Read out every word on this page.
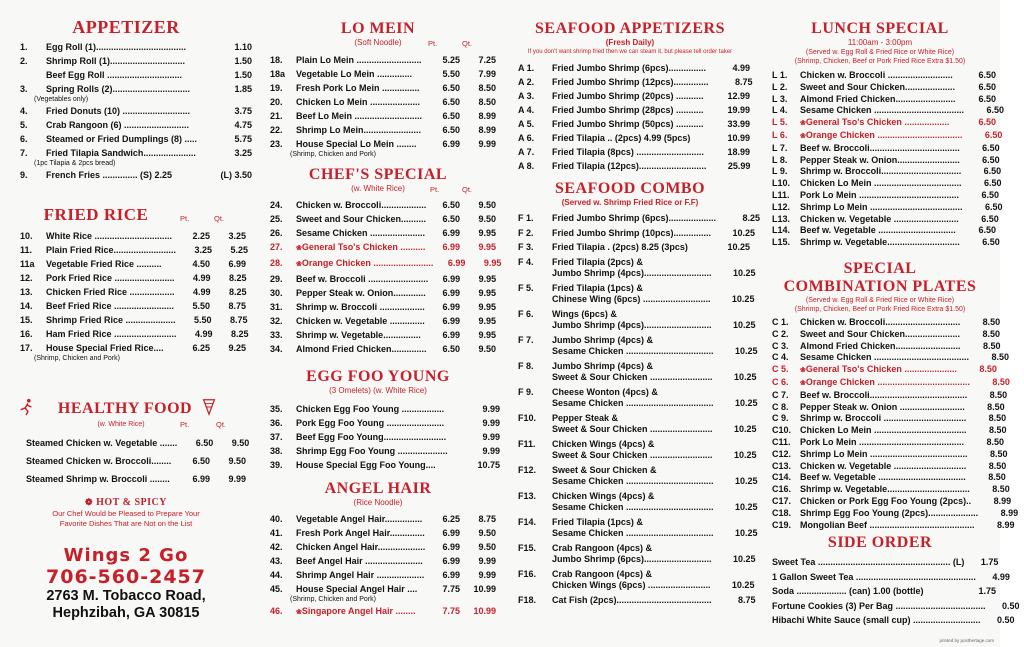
APPETIZER
1.	Egg Roll (1)....................................	1.10
2.	Shrimp Roll (1)..............................	1.50
Beef Egg Roll ..............................	1.50
3.	Spring Rolls (2)...............................	1.85
(Vegetables only)
4.	Fried Donuts (10) ...........................	3.75
5.	Crab Rangoon (6) ..........................	4.75
6.	Steamed or Fried Dumplings (8) .....	5.75
7.	Fried Tilapia Sandwich.....................	3.25
(1pc Tilapia & 2pcs bread)
9.	French Fries .............. (S) 2.25	(L) 3.50
FRIED RICE	Pt.	Qt.
10.	White Rice ...............................	2.25	3.25
11.	Plain Fried Rice.........................	3.25	5.25
11a	Vegetable Fried Rice ..........	4.50	6.99
12.	Pork Fried Rice ........................	4.99	8.25
13.	Chicken Fried Rice ..................	4.99	8.25
14.	Beef Fried Rice ........................	5.50	8.75
15.	Shrimp Fried Rice ....................	5.50	8.75
16.	Ham Fried Rice .........................	4.99	8.25
17.	House Special Fried Rice....	6.25	9.25
(Shrimp, Chicken and Pork)
HEALTHY FOOD
(w. White Rice)	Pt.	Qt.
Steamed Chicken w. Vegetable .......	6.50	9.50
Steamed Chicken w. Broccoli........	6.50	9.50
Steamed Shrimp w. Broccoli ........	6.99	9.99
❁ HOT & SPICY
Our Chef Would be Pleased to Prepare Your
Favorite Dishes That are Not on the List
Wings 2 Go
706-560-2457
2763 M. Tobacco Road,
Hephzibah, GA 30815
LO MEIN
(Soft Noodle)	Pt.	Qt.
18.	Plain Lo Mein ..........................	5.25	7.25
18a	Vegetable Lo Mein ..............	5.50	7.99
19.	Fresh Pork Lo Mein ...............	6.50	8.50
20.	Chicken Lo Mein ....................	6.50	8.50
21.	Beef Lo Mein ...........................	6.50	8.99
22.	Shrimp Lo Mein.......................	6.50	8.99
23.	House Special Lo Mein ........	6.99	9.99
(Shrimp, Chicken and Pork)
CHEF'S SPECIAL
(w. White Rice)	Pt.	Qt.
24.	Chicken w. Broccoli..................	6.50	9.50
25.	Sweet and Sour Chicken..........	6.50	9.50
26.	Sesame Chicken ......................	6.99	9.95
27.	❀ General Tso's Chicken ..........	6.99	9.95
28.	❀ Orange Chicken ........................	6.99	9.95
29.	Beef w. Broccoli ........................	6.99	9.95
30.	Pepper Steak w. Onion.............	6.99	9.95
31.	Shrimp w. Broccoli ..................	6.99	9.95
32.	Chicken w. Vegetable ..............	6.99	9.95
33.	Shrimp w. Vegetable...............	6.99	9.95
34.	Almond Fried Chicken..............	6.50	9.50
EGG FOO YOUNG
(3 Omelets) (w. White Rice)
35.	Chicken Egg Foo Young .................	9.99
36.	Pork Egg Foo Young .......................	9.99
37.	Beef Egg Foo Young.........................	9.99
38.	Shrimp Egg Foo Young ....................	9.99
39.	House Special Egg Foo Young....	10.75
ANGEL HAIR
(Rice Noodle)
40.	Vegetable Angel Hair...............	6.25	8.75
41.	Fresh Pork Angel Hair..............	6.99	9.50
42.	Chicken Angel Hair...................	6.99	9.50
43.	Beef Angel Hair .......................	6.99	9.99
44.	Shrimp Angel Hair ...................	6.99	9.99
45.	House Special Angel Hair ....	7.75	10.99
(Shrimp, Chicken and Pork)
46.	❀ Singapore Angel Hair ........	7.75	10.99
SEAFOOD APPETIZERS
(Fresh Daily)
If you don't want shrimp fried then we can steam it, but please tell order taker
A 1.	Fried Jumbo Shrimp (6pcs)...............	4.99
A 2.	Fried Jumbo Shrimp (12pcs)..............	8.75
A 3.	Fried Jumbo Shrimp (20pcs) ...........	12.99
A 4.	Fried Jumbo Shrimp (28pcs) ...........	19.99
A 5.	Fried Jumbo Shrimp (50pcs) ...........	33.99
A 6.	Fried Tilapia .. (2pcs) 4.99 (5pcs)	10.99
A 7.	Fried Tilapia (8pcs) ...........................	18.99
A 8.	Fried Tilapia (12pcs)...........................	25.99
SEAFOOD COMBO
(Served w. Shrimp Fried Rice or F.F)
F 1.	Fried Jumbo Shrimp (6pcs)...................	8.25
F 2.	Fried Jumbo Shrimp (10pcs)...............	10.25
F 3.	Fried Tilapia . (2pcs) 8.25 (3pcs)	10.25
F 4.	Fried Tilapia (2pcs) &
Jumbo Shrimp (4pcs)...........................	10.25
F 5.	Fried Tilapia (1pcs) &
Chinese Wing (6pcs) ...........................	10.25
F 6.	Wings (6pcs) &
Jumbo Shrimp (4pcs)...........................	10.25
F 7.	Jumbo Shrimp (4pcs) &
Sesame Chicken ...................................	10.25
F 8.	Jumbo Shrimp (4pcs) &
Sweet & Sour Chicken .........................	10.25
F 9.	Cheese Wonton (4pcs) &
Sesame Chicken ...................................	10.25
F10.	Pepper Steak &
Sweet & Sour Chicken .........................	10.25
F11.	Chicken Wings (4pcs) &
Sweet & Sour Chicken .........................	10.25
F12.	Sweet & Sour Chicken &
Sesame Chicken ...................................	10.25
F13.	Chicken Wings (4pcs) &
Sesame Chicken ...................................	10.25
F14.	Fried Tilapia (1pcs) &
Sesame Chicken ...................................	10.25
F15.	Crab Rangoon (4pcs) &
Jumbo Shrimp (6pcs)...........................	10.25
F16.	Crab Rangoon (4pcs) &
Chicken Wings (6pcs) .........................	10.25
F18.	Cat Fish (2pcs)......................................	8.75
LUNCH SPECIAL
11:00am - 3:00pm
(Served w. Egg Roll & Fried Rice or White Rice)
(Shrimp, Chicken, Beef or Pork Fried Rice Extra $1.50)
L 1.	Chicken w. Broccoli ..........................	6.50
L 2.	Sweet and Sour Chicken....................	6.50
L 3.	Almond Fried Chicken........................	6.50
L 4.	Sesame Chicken ....................................	6.50
L 5.	❀ General Tso's Chicken ..................	6.50
L 6.	❀ Orange Chicken ..................................	6.50
L 7.	Beef w. Broccoli....................................	6.50
L 8.	Pepper Steak w. Onion.........................	6.50
L 9.	Shrimp w. Broccoli................................	6.50
L10.	Chicken Lo Mein ...................................	6.50
L11.	Pork Lo Mein ........................................	6.50
L12.	Shrimp Lo Mein .....................................	6.50
L13.	Chicken w. Vegetable ..........................	6.50
L14.	Beef w. Vegetable ...............................	6.50
L15.	Shrimp w. Vegetable.............................	6.50
SPECIAL
COMBINATION PLATES
(Served w. Egg Roll & Fried Rice or White Rice)
(Shrimp, Chicken, Beef or Pork Fried Rice Extra $1.50)
C 1.	Chicken w. Broccoli..............................	8.50
C 2.	Sweet and Sour Chicken......................	8.50
C 3.	Almond Fried Chicken..........................	8.50
C 4.	Sesame Chicken ......................................	8.50
C 5.	❀ General Tso's Chicken .....................	8.50
C 6.	❀ Orange Chicken .....................................	8.50
C 7.	Beef w. Broccoli.......................................	8.50
C 8.	Pepper Steak w. Onion ..........................	8.50
C 9.	Shrimp w. Broccoli .................................	8.50
C10. Chicken Lo Mein .....................................	8.50
C11.	Pork Lo Mein ..........................................	8.50
C12. Shrimp Lo Mein .......................................	8.50
C13. Chicken w. Vegetable .............................	8.50
C14. Beef w. Vegetable ...................................	8.50
C16. Shrimp w. Vegetable.................................	8.50
C17. Chicken or Pork Egg Foo Young (2pcs)..	8.99
C18. Shrimp Egg Foo Young (2pcs)....................	8.99
C19. Mongolian Beef ..........................................	8.99
SIDE ORDER
Sweet Tea ..................................................... (L)	1.75
1 Gallon Sweet Tea ................................................	4.99
Soda .................... (can) 1.00 (bottle)	1.75
Fortune Cookies (3) Per Bag ....................................	0.50
Hibachi White Sauce (small cup) ...........................	0.50
printed by posthertage.com
